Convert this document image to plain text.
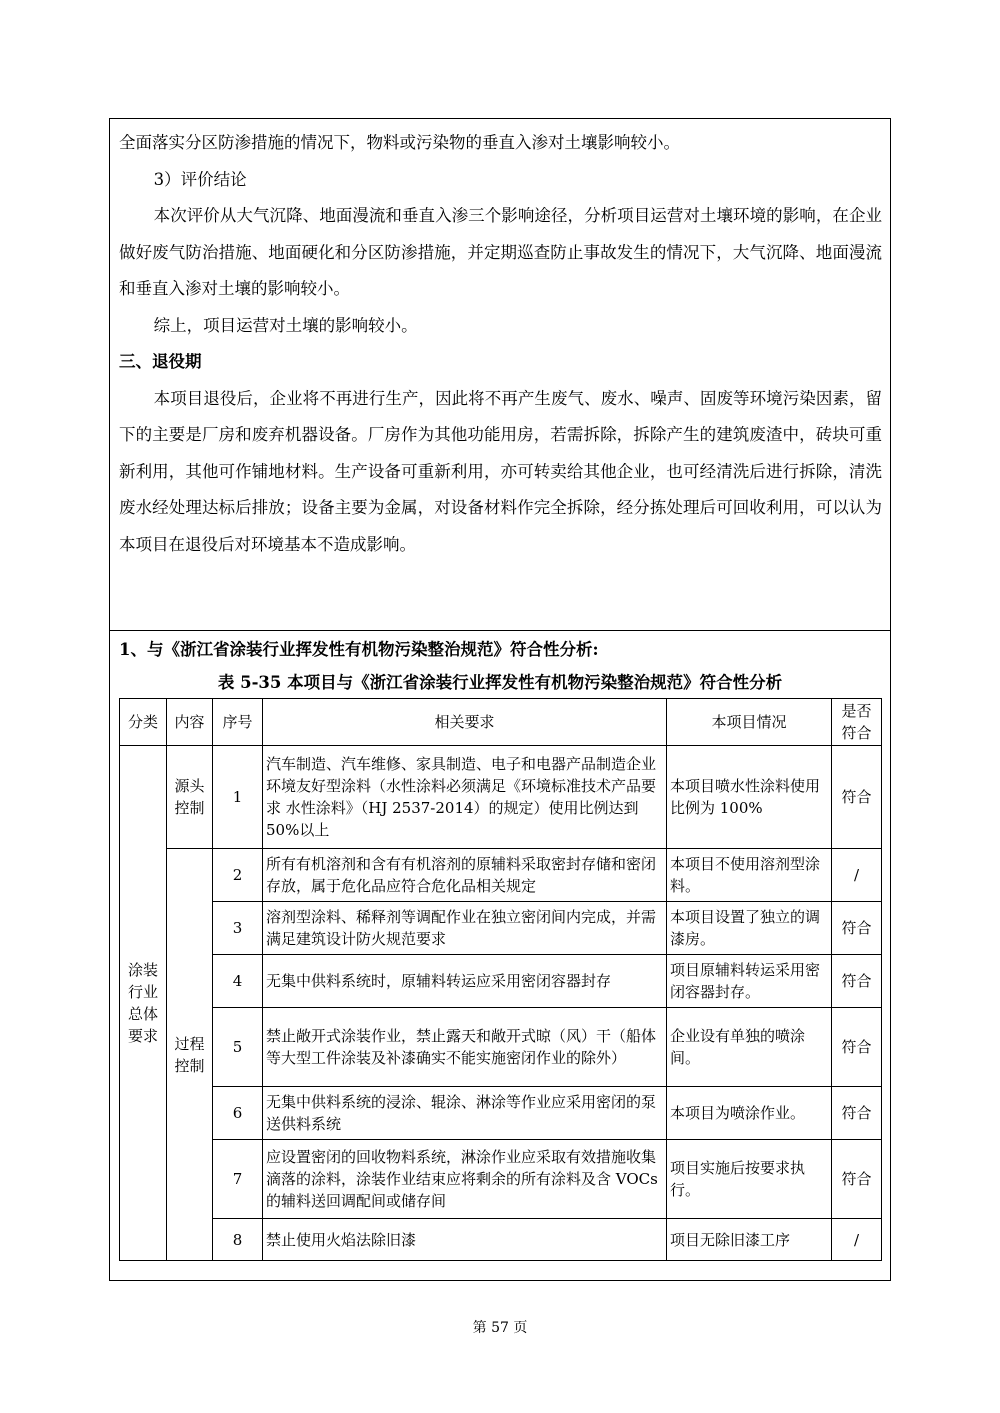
全面落实分区防渗措施的情况下，物料或污染物的垂直入渗对土壤影响较小。

3）评价结论

本次评价从大气沉降、地面漫流和垂直入渗三个影响途径，分析项目运营对土壤环境的影响，在企业做好废气防治措施、地面硬化和分区防渗措施，并定期巡查防止事故发生的情况下，大气沉降、地面漫流和垂直入渗对土壤的影响较小。

综上，项目运营对土壤的影响较小。

三、退役期

本项目退役后，企业将不再进行生产，因此将不再产生废气、废水、噪声、固废等环境污染因素，留下的主要是厂房和废弃机器设备。厂房作为其他功能用房，若需拆除，拆除产生的建筑废渣中，砖块可重新利用，其他可作铺地材料。生产设备可重新利用，亦可转卖给其他企业，也可经清洗后进行拆除，清洗废水经处理达标后排放；设备主要为金属，对设备材料作完全拆除，经分拣处理后可回收利用，可以认为本项目在退役后对环境基本不造成影响。

1、与《浙江省涂装行业挥发性有机物污染整治规范》符合性分析:
表 5-35 本项目与《浙江省涂装行业挥发性有机物污染整治规范》符合性分析
分类	内容	序号	相关要求	本项目情况	是否符合
涂装行业总体要求	源头控制	1	汽车制造、汽车维修、家具制造、电子和电器产品制造企业环境友好型涂料（水性涂料必须满足《环境标准技术产品要求 水性涂料》（HJ 2537-2014）的规定）使用比例达到50%以上	本项目喷水性涂料使用比例为 100%	符合
	过程控制	2	所有有机溶剂和含有有机溶剂的原辅料采取密封存储和密闭存放，属于危化品应符合危化品相关规定	本项目不使用溶剂型涂料。	/
		3	溶剂型涂料、稀释剂等调配作业在独立密闭间内完成，并需满足建筑设计防火规范要求	本项目设置了独立的调漆房。	符合
		4	无集中供料系统时，原辅料转运应采用密闭容器封存	项目原辅料转运采用密闭容器封存。	符合
		5	禁止敞开式涂装作业，禁止露天和敞开式晾（风）干（船体等大型工件涂装及补漆确实不能实施密闭作业的除外）	企业设有单独的喷涂间。	符合
		6	无集中供料系统的浸涂、辊涂、淋涂等作业应采用密闭的泵送供料系统	本项目为喷涂作业。	符合
		7	应设置密闭的回收物料系统，淋涂作业应采取有效措施收集滴落的涂料，涂装作业结束应将剩余的所有涂料及含 VOCs 的辅料送回调配间或储存间	项目实施后按要求执行。	符合
		8	禁止使用火焰法除旧漆	项目无除旧漆工序	/
第 57 页
